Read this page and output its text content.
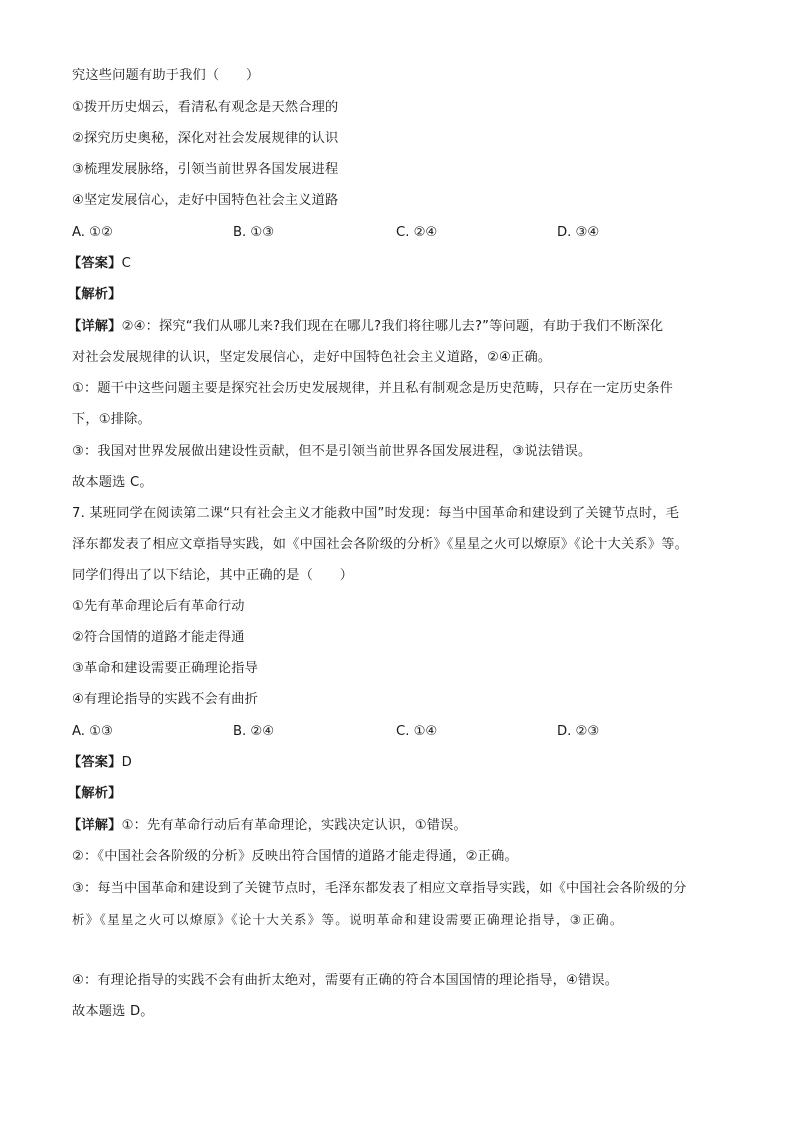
究这些问题有助于我们（　　）
①拨开历史烟云，看清私有观念是天然合理的
②探究历史奥秘，深化对社会发展规律的认识
③梳理发展脉络，引领当前世界各国发展进程
④坚定发展信心，走好中国特色社会主义道路
A. ①②	B. ①③	C. ②④	D. ③④
【答案】C
【解析】
【详解】②④：探究“我们从哪儿来?我们现在在哪儿?我们将往哪儿去?”等问题，有助于我们不断深化
对社会发展规律的认识，坚定发展信心，走好中国特色社会主义道路，②④正确。
①：题干中这些问题主要是探究社会历史发展规律，并且私有制观念是历史范畴，只存在一定历史条件
下，①排除。
③：我国对世界发展做出建设性贡献，但不是引领当前世界各国发展进程，③说法错误。
故本题选 C。
7. 某班同学在阅读第二课“只有社会主义才能救中国”时发现：每当中国革命和建设到了关键节点时，毛
泽东都发表了相应文章指导实践，如《中国社会各阶级的分析》《星星之火可以燎原》《论十大关系》等。
同学们得出了以下结论，其中正确的是（　　）
①先有革命理论后有革命行动
②符合国情的道路才能走得通
③革命和建设需要正确理论指导
④有理论指导的实践不会有曲折
A. ①③	B. ②④	C. ①④	D. ②③
【答案】D
【解析】
【详解】①：先有革命行动后有革命理论，实践决定认识，①错误。
②：《中国社会各阶级的分析》反映出符合国情的道路才能走得通，②正确。
③：每当中国革命和建设到了关键节点时，毛泽东都发表了相应文章指导实践，如《中国社会各阶级的分
析》《星星之火可以燎原》《论十大关系》等。说明革命和建设需要正确理论指导，③正确。
④：有理论指导的实践不会有曲折太绝对，需要有正确的符合本国国情的理论指导，④错误。
故本题选 D。
